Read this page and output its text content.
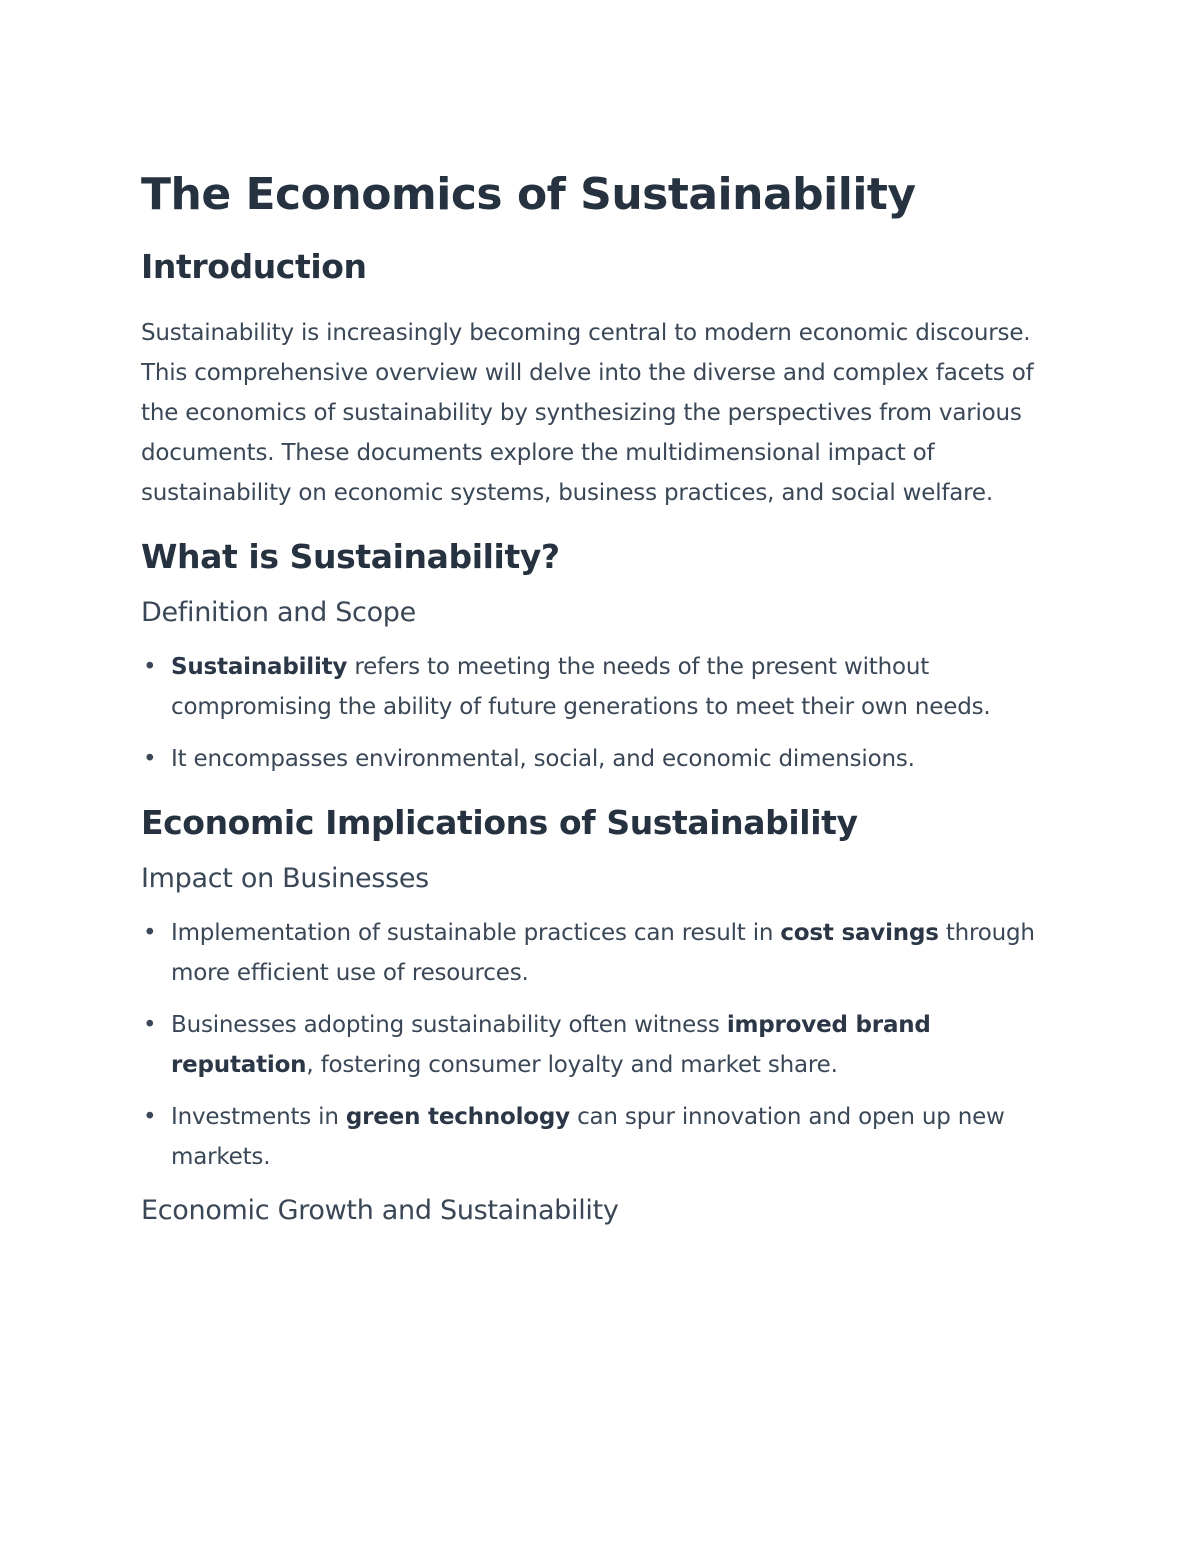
The Economics of Sustainability
Introduction

Sustainability is increasingly becoming central to modern economic discourse. This comprehensive overview will delve into the diverse and complex facets of the economics of sustainability by synthesizing the perspectives from various documents. These documents explore the multidimensional impact of sustainability on economic systems, business practices, and social welfare.

What is Sustainability?
Definition and Scope
• Sustainability refers to meeting the needs of the present without compromising the ability of future generations to meet their own needs.
• It encompasses environmental, social, and economic dimensions.
Economic Implications of Sustainability
Impact on Businesses
• Implementation of sustainable practices can result in cost savings through more efficient use of resources.
• Businesses adopting sustainability often witness improved brand reputation, fostering consumer loyalty and market share.
• Investments in green technology can spur innovation and open up new markets.
Economic Growth and Sustainability
